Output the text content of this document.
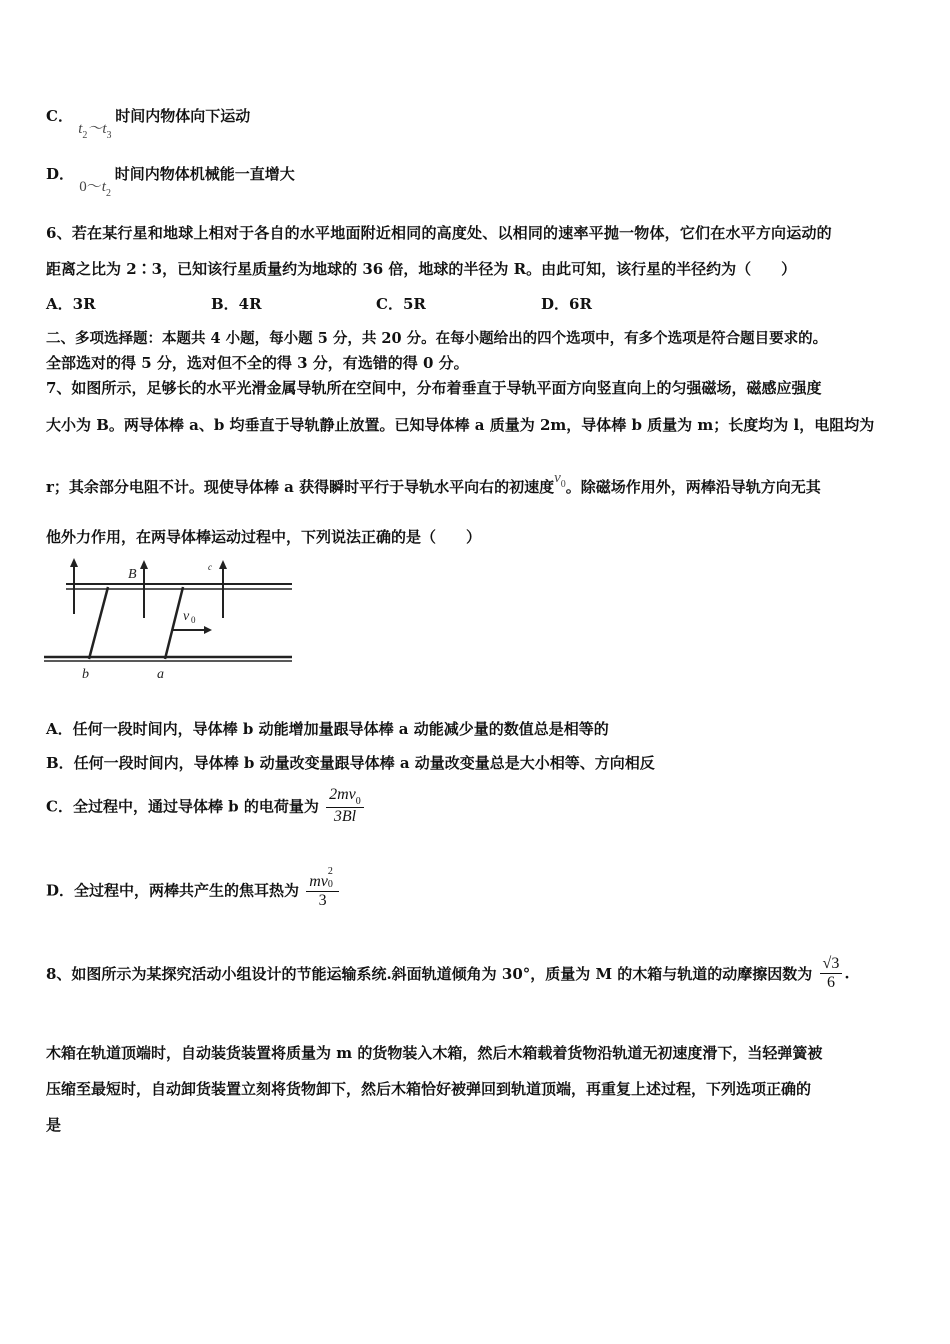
C． $t_2\sim t_3$ 时间内物体向下运动
D． $0\sim t_2$ 时间内物体机械能一直增大
6、若在某行星和地球上相对于各自的水平地面附近相同的高度处、以相同的速率平抛一物体，它们在水平方向运动的
距离之比为 2∶3，已知该行星质量约为地球的 36 倍，地球的半径为 R。由此可知，该行星的半径约为（　　）
A．3R	B．4R	C．5R	D．6R
二、多项选择题：本题共 4 小题，每小题 5 分，共 20 分。在每小题给出的四个选项中，有多个选项是符合题目要求的。
全部选对的得 5 分，选对但不全的得 3 分，有选错的得 0 分。
7、如图所示，足够长的水平光滑金属导轨所在空间中，分布着垂直于导轨平面方向竖直向上的匀强磁场，磁感应强度
大小为 B。两导体棒 a、b 均垂直于导轨静止放置。已知导体棒 a 质量为 2m，导体棒 b 质量为 m；长度均为 l，电阻均为
r；其余部分电阻不计。现使导体棒 a 获得瞬时平行于导轨水平向右的初速度$v_0$。除磁场作用外，两棒沿导轨方向无其
他外力作用，在两导体棒运动过程中，下列说法正确的是（　　）
B	c
v 0
b	a
A．任何一段时间内，导体棒 b 动能增加量跟导体棒 a 动能减少量的数值总是相等的
B．任何一段时间内，导体棒 b 动量改变量跟导体棒 a 动量改变量总是大小相等、方向相反
C．全过程中，通过导体棒 b 的电荷量为 $\frac{2mv_0}{3Bl}$
D．全过程中，两棒共产生的焦耳热为 mv
2
0
3
8、如图所示为某探究活动小组设计的节能运输系统.斜面轨道倾角为 30°，质量为 M 的木箱与轨道的动摩擦因数为 $\frac{√3}{6}$ .
木箱在轨道顶端时，自动装货装置将质量为 m 的货物装入木箱，然后木箱载着货物沿轨道无初速度滑下，当轻弹簧被
压缩至最短时，自动卸货装置立刻将货物卸下，然后木箱恰好被弹回到轨道顶端，再重复上述过程，下列选项正确的
是
